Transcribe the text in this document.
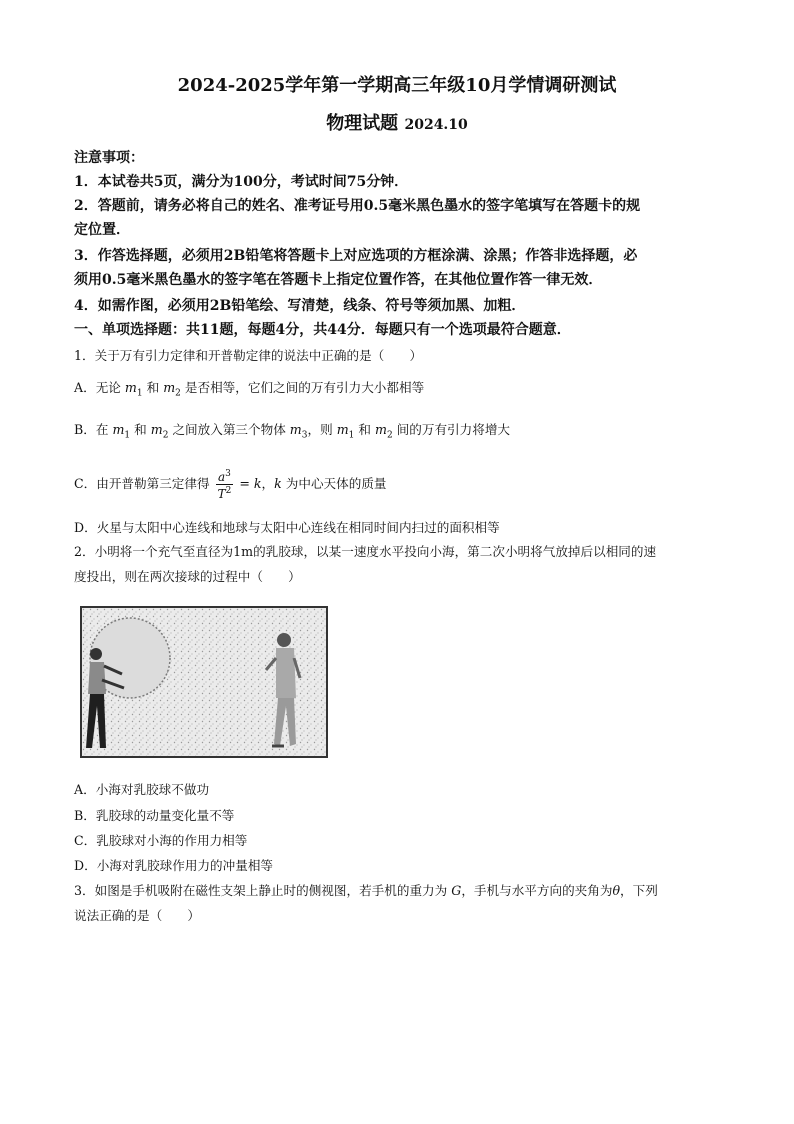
2024-2025学年第一学期高三年级10月学情调研测试
物理试题 2024.10
注意事项：
1．本试卷共5页，满分为100分，考试时间75分钟．
2．答题前，请务必将自己的姓名、准考证号用0.5毫米黑色墨水的签字笔填写在答题卡的规
定位置．
3．作答选择题，必须用2B铅笔将答题卡上对应选项的方框涂满、涂黑；作答非选择题，必
须用0.5毫米黑色墨水的签字笔在答题卡上指定位置作答，在其他位置作答一律无效．
4．如需作图，必须用2B铅笔绘、写清楚，线条、符号等须加黑、加粗．
一、单项选择题：共11题，每题4分，共44分．每题只有一个选项最符合题意．
1．关于万有引力定律和开普勒定律的说法中正确的是（　　）
A．无论 $m_1$ 和 $m_2$ 是否相等，它们之间的万有引力大小都相等
B．在 $m_1$ 和 $m_2$ 之间放入第三个物体 $m_3$，则 $m_1$ 和 $m_2$ 间的万有引力将增大
C．由开普勒第三定律得 $\frac{a^3}{T^2} = k$，k 为中心天体的质量
D．火星与太阳中心连线和地球与太阳中心连线在相同时间内扫过的面积相等
2．小明将一个充气至直径为1m的乳胶球，以某一速度水平投向小海，第二次小明将气放掉后以相同的速
度投出，则在两次接球的过程中（　　）
A．小海对乳胶球不做功
B．乳胶球的动量变化量不等
C．乳胶球对小海的作用力相等
D．小海对乳胶球作用力的冲量相等
3．如图是手机吸附在磁性支架上静止时的侧视图，若手机的重力为 G，手机与水平方向的夹角为θ，下列
说法正确的是（　　）
